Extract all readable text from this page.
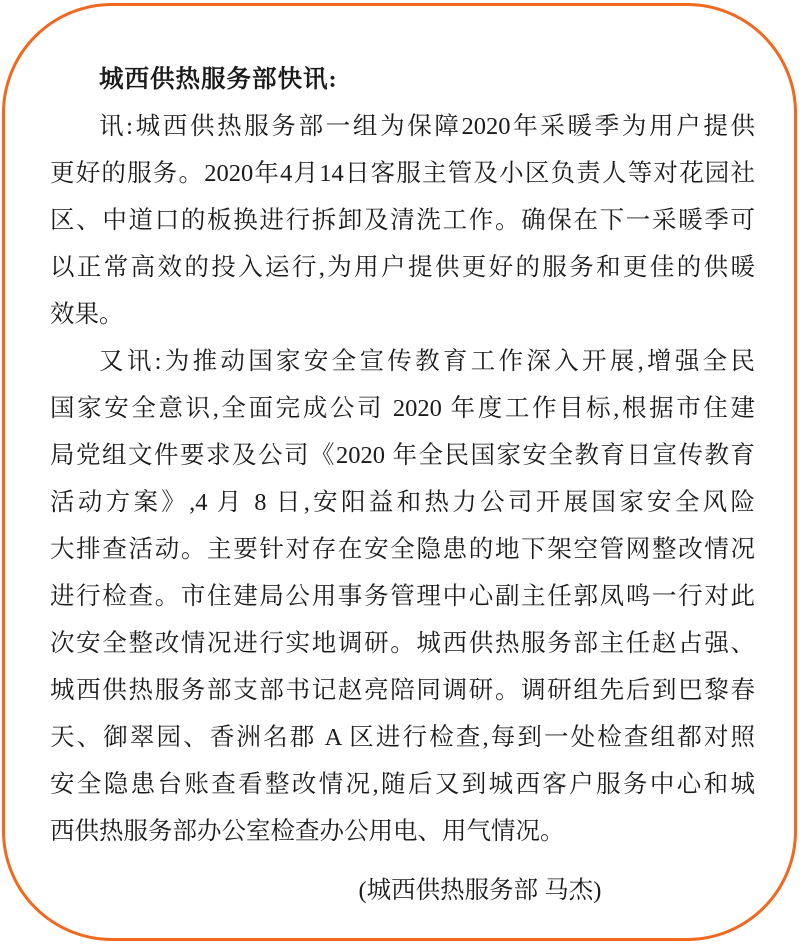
城西供热服务部快讯:
讯:城西供热服务部一组为保障2020年采暖季为用户提供
更好的服务。2020年4月14日客服主管及小区负责人等对花园社
区、中道口的板换进行拆卸及清洗工作。确保在下一采暖季可
以正常高效的投入运行,为用户提供更好的服务和更佳的供暖
效果。
又讯:为推动国家安全宣传教育工作深入开展,增强全民
国家安全意识,全面完成公司 2020 年度工作目标,根据市住建
局党组文件要求及公司《2020 年全民国家安全教育日宣传教育
活动方案》,4 月 8 日,安阳益和热力公司开展国家安全风险
大排查活动。主要针对存在安全隐患的地下架空管网整改情况
进行检查。市住建局公用事务管理中心副主任郭凤鸣一行对此
次安全整改情况进行实地调研。城西供热服务部主任赵占强、
城西供热服务部支部书记赵亮陪同调研。调研组先后到巴黎春
天、御翠园、香洲名郡 A 区进行检查,每到一处检查组都对照
安全隐患台账查看整改情况,随后又到城西客户服务中心和城
西供热服务部办公室检查办公用电、用气情况。
(城西供热服务部 马杰)
